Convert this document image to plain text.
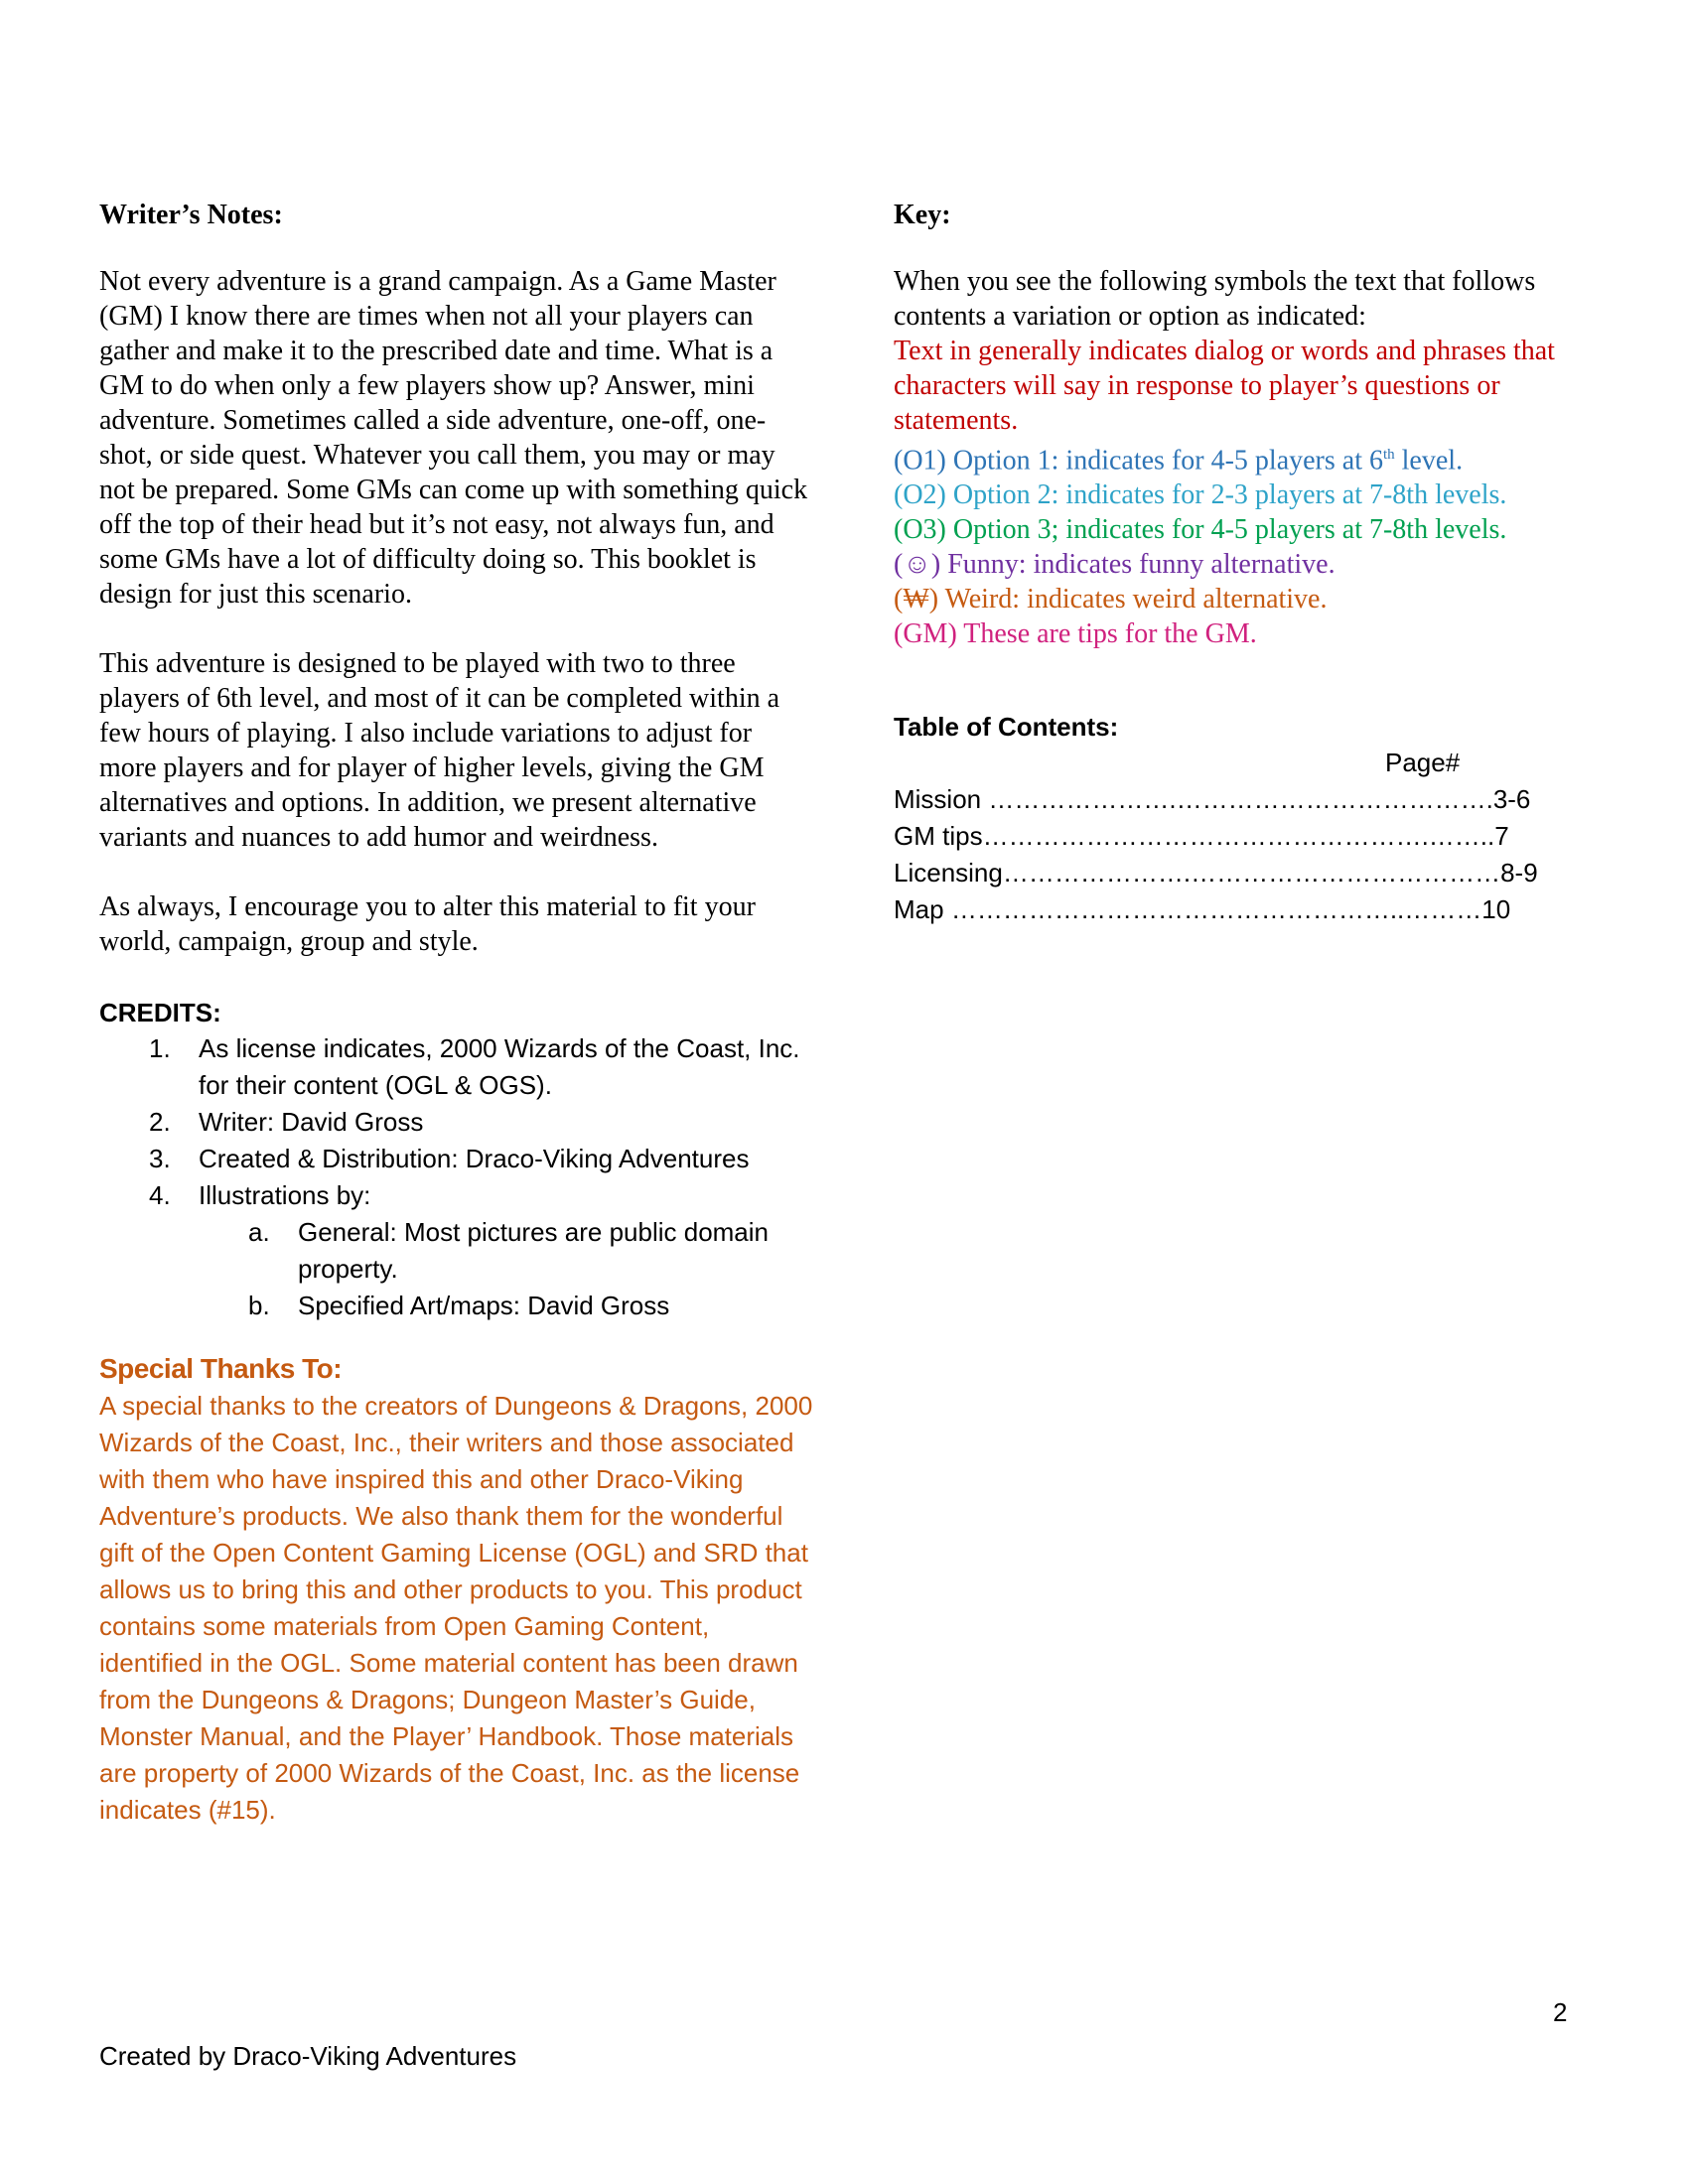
Writer’s Notes:

Not every adventure is a grand campaign. As a Game Master (GM) I know there are times when not all your players can gather and make it to the prescribed date and time. What is a GM to do when only a few players show up? Answer, mini adventure. Sometimes called a side adventure, one-off, one-shot, or side quest. Whatever you call them, you may or may not be prepared. Some GMs can come up with something quick off the top of their head but it’s not easy, not always fun, and some GMs have a lot of difficulty doing so. This booklet is design for just this scenario.

This adventure is designed to be played with two to three players of 6th level, and most of it can be completed within a few hours of playing. I also include variations to adjust for more players and for player of higher levels, giving the GM alternatives and options. In addition, we present alternative variants and nuances to add humor and weirdness.

As always, I encourage you to alter this material to fit your world, campaign, group and style.

CREDITS:

1. As license indicates, 2000 Wizards of the Coast, Inc. for their content (OGL & OGS).
2. Writer: David Gross
3. Created & Distribution: Draco-Viking Adventures
4. Illustrations by:
a. General: Most pictures are public domain property.
b. Specified Art/maps: David Gross

Special Thanks To:

A special thanks to the creators of Dungeons & Dragons, 2000 Wizards of the Coast, Inc., their writers and those associated with them who have inspired this and other Draco-Viking Adventure’s products. We also thank them for the wonderful gift of the Open Content Gaming License (OGL) and SRD that allows us to bring this and other products to you. This product contains some materials from Open Gaming Content, identified in the OGL. Some material content has been drawn from the Dungeons & Dragons; Dungeon Master’s Guide, Monster Manual, and the Player’ Handbook. Those materials are property of 2000 Wizards of the Coast, Inc. as the license indicates (#15).

Key:

When you see the following symbols the text that follows contents a variation or option as indicated:

Text in generally indicates dialog or words and phrases that characters will say in response to player’s questions or statements.

(O1) Option 1: indicates for 4-5 players at 6th level.

(O2) Option 2: indicates for 2-3 players at 7-8th levels.

(O3) Option 3; indicates for 4-5 players at 7-8th levels.

(☺) Funny: indicates funny alternative.

(₩) Weird: indicates weird alternative.

(GM) These are tips for the GM.

Table of Contents:

Page#

Mission ………………….……………………………….3-6

GM tips…………………………………………….……..7

Licensing………………….………………………………8-9

Map ……………………………………………..………10

2
Created by Draco-Viking Adventures
